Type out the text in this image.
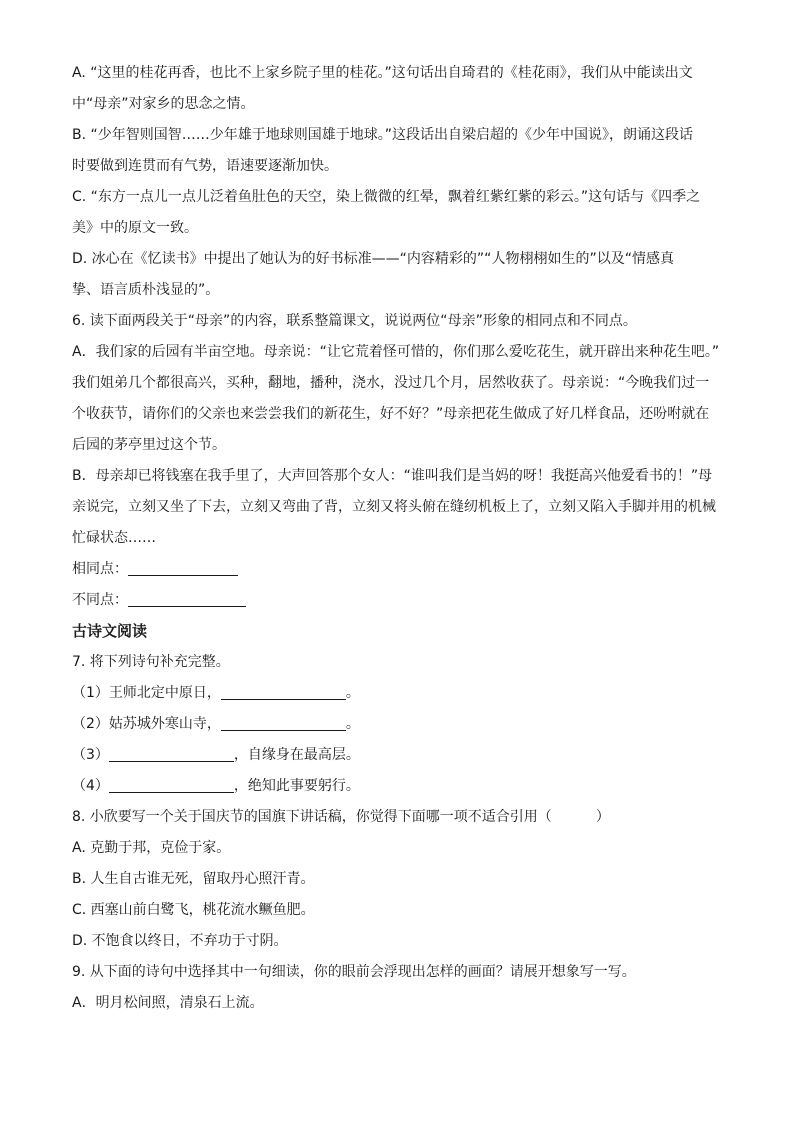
A. “这里的桂花再香，也比不上家乡院子里的桂花。”这句话出自琦君的《桂花雨》，我们从中能读出文
中“母亲”对家乡的思念之情。
B. “少年智则国智……少年雄于地球则国雄于地球。”这段话出自梁启超的《少年中国说》，朗诵这段话
时要做到连贯而有气势，语速要逐渐加快。
C. “东方一点儿一点儿泛着鱼肚色的天空，染上微微的红晕，飘着红紫红紫的彩云。”这句话与《四季之
美》中的原文一致。
D. 冰心在《忆读书》中提出了她认为的好书标准——“内容精彩的”“人物栩栩如生的”以及“情感真
挚、语言质朴浅显的”。
6. 读下面两段关于“母亲”的内容，联系整篇课文，说说两位“母亲”形象的相同点和不同点。
A．我们家的后园有半亩空地。母亲说：“让它荒着怪可惜的，你们那么爱吃花生，就开辟出来种花生吧。”
我们姐弟几个都很高兴，买种，翻地，播种，浇水，没过几个月，居然收获了。母亲说：“今晚我们过一
个收获节，请你们的父亲也来尝尝我们的新花生，好不好？”母亲把花生做成了好几样食品，还吩咐就在
后园的茅亭里过这个节。
B．母亲却已将钱塞在我手里了，大声回答那个女人：“谁叫我们是当妈的呀！我挺高兴他爱看书的！”母
亲说完，立刻又坐了下去，立刻又弯曲了背，立刻又将头俯在缝纫机板上了，立刻又陷入手脚并用的机械
忙碌状态……
相同点：
不同点：
古诗文阅读
7. 将下列诗句补充完整。
（1）王师北定中原日，	。
（2）姑苏城外寒山寺，	。
（3）	，自缘身在最高层。
（4）	，绝知此事要躬行。
8. 小欣要写一个关于国庆节的国旗下讲话稿，你觉得下面哪一项不适合引用（	）
A. 克勤于邦，克俭于家。
B. 人生自古谁无死，留取丹心照汗青。
C. 西塞山前白鹭飞，桃花流水鳜鱼肥。
D. 不饱食以终日，不弃功于寸阴。
9. 从下面的诗句中选择其中一句细读，你的眼前会浮现出怎样的画面？请展开想象写一写。
A．明月松间照，清泉石上流。
